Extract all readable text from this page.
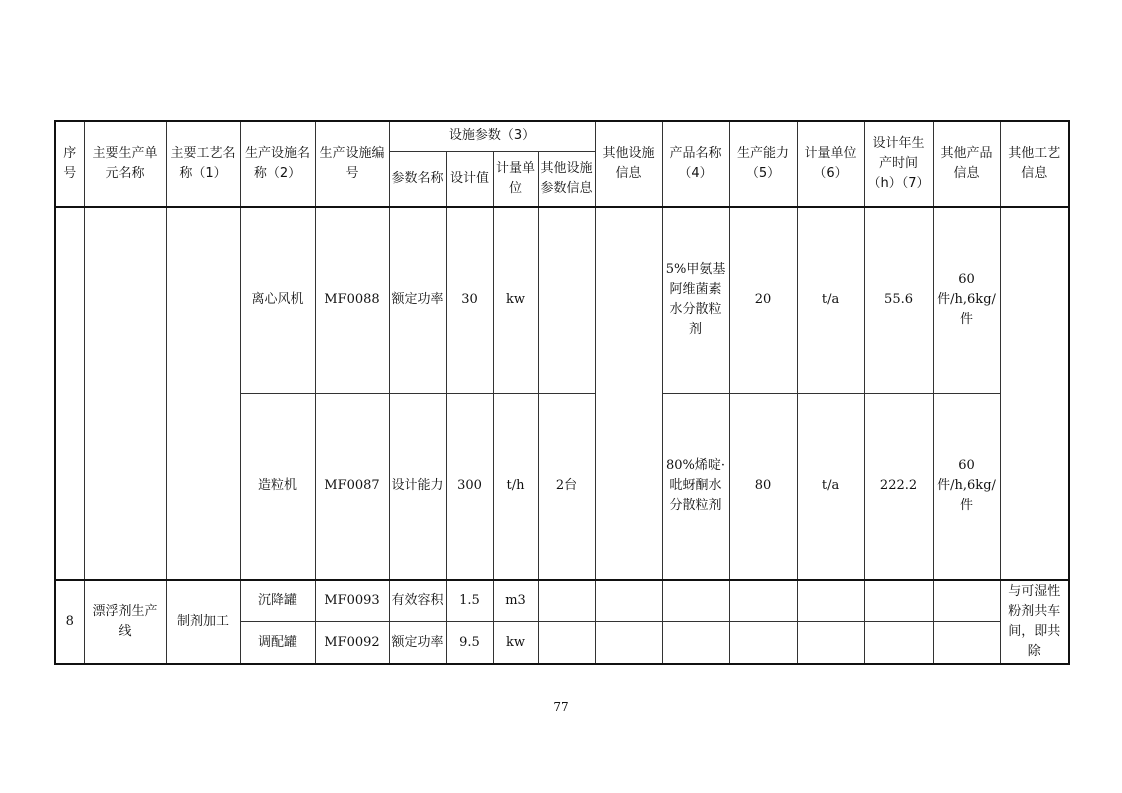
序号	主要生产单元名称	主要工艺名称（1）	生产设施名称（2）	生产设施编号	设施参数（3）				其他设施信息	产品名称（4）	生产能力（5）	计量单位（6）	设计年生产时间（h）（7）	其他产品信息	其他工艺信息
					参数名称	设计值	计量单位	其他设施参数信息							
			离心风机	MF0088	额定功率	30	kw			5%甲氨基阿维菌素水分散粒剂	20	t/a	55.6	60件/h,6kg/件	
			造粒机	MF0087	设计能力	300	t/h	2台		80%烯啶·吡蚜酮水分散粒剂	80	t/a	222.2	60件/h,6kg/件	
8	漂浮剂生产线	制剂加工	沉降罐	MF0093	有效容积	1.5	m3								与可湿性粉剂共车间，即共除
			调配罐	MF0092	额定功率	9.5	kw								
77
